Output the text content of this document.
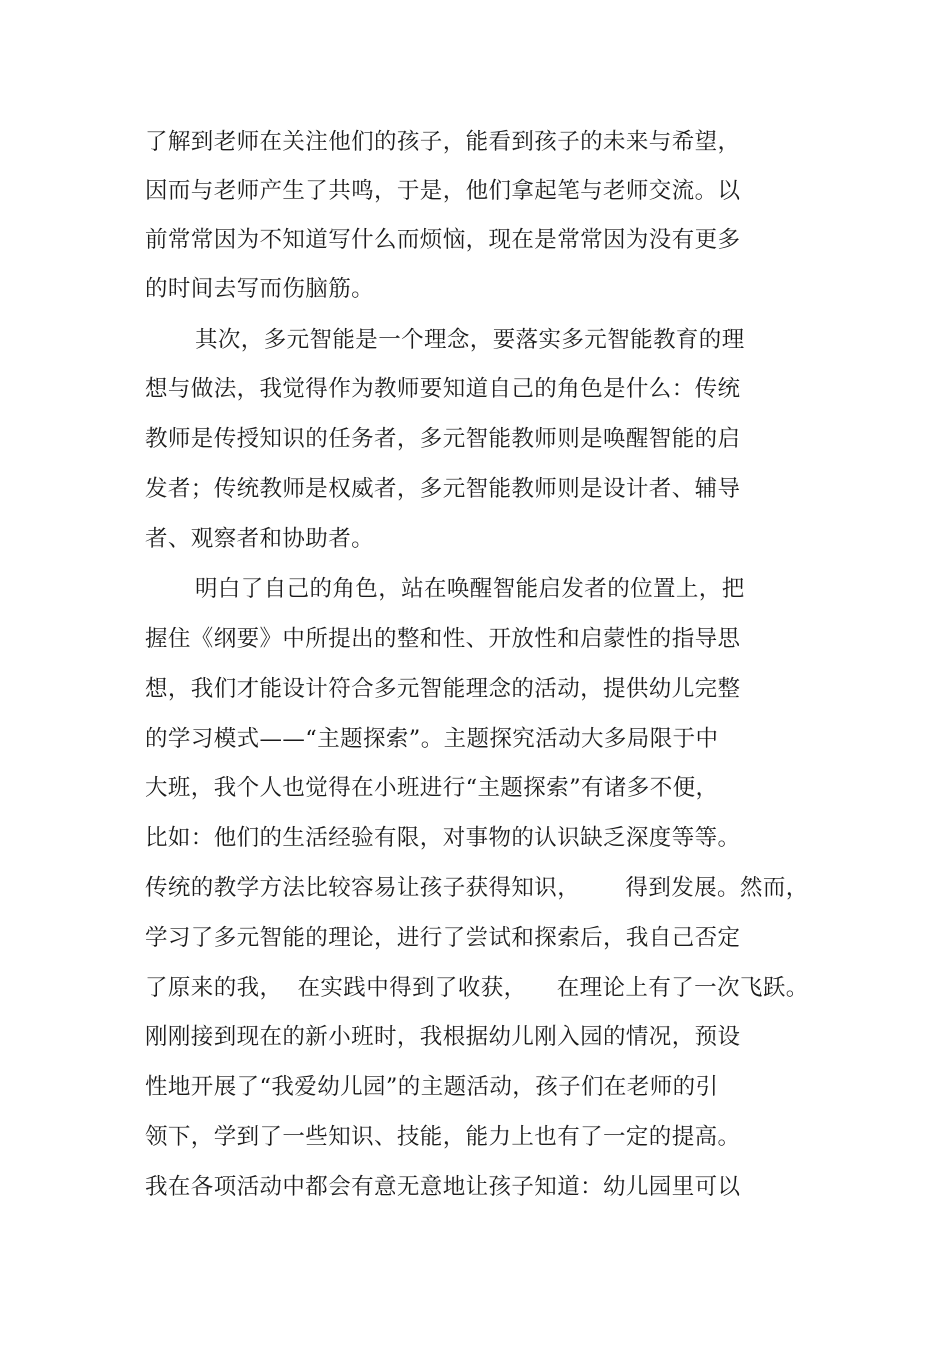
了解到老师在关注他们的孩子，能看到孩子的未来与希望，
因而与老师产生了共鸣，于是，他们拿起笔与老师交流。以
前常常因为不知道写什么而烦恼，现在是常常因为没有更多
的时间去写而伤脑筋。
其次，多元智能是一个理念，要落实多元智能教育的理
想与做法，我觉得作为教师要知道自己的角色是什么：传统
教师是传授知识的任务者，多元智能教师则是唤醒智能的启
发者；传统教师是权威者，多元智能教师则是设计者、辅导
者、观察者和协助者。
明白了自己的角色，站在唤醒智能启发者的位置上，把
握住《纲要》中所提出的整和性、开放性和启蒙性的指导思
想，我们才能设计符合多元智能理念的活动，提供幼儿完整
的学习模式——“主题探索”。主题探究活动大多局限于中
大班，我个人也觉得在小班进行“主题探索”有诸多不便，
比如：他们的生活经验有限，对事物的认识缺乏深度等等。
传统的教学方法比较容易让孩子获得知识，      得到发展。然而，
学习了多元智能的理论，进行了尝试和探索后，我自己否定
了原来的我，  在实践中得到了收获，    在理论上有了一次飞跃。
刚刚接到现在的新小班时，我根据幼儿刚入园的情况，预设
性地开展了“我爱幼儿园”的主题活动，孩子们在老师的引
领下，学到了一些知识、技能，能力上也有了一定的提高。
我在各项活动中都会有意无意地让孩子知道：幼儿园里可以
